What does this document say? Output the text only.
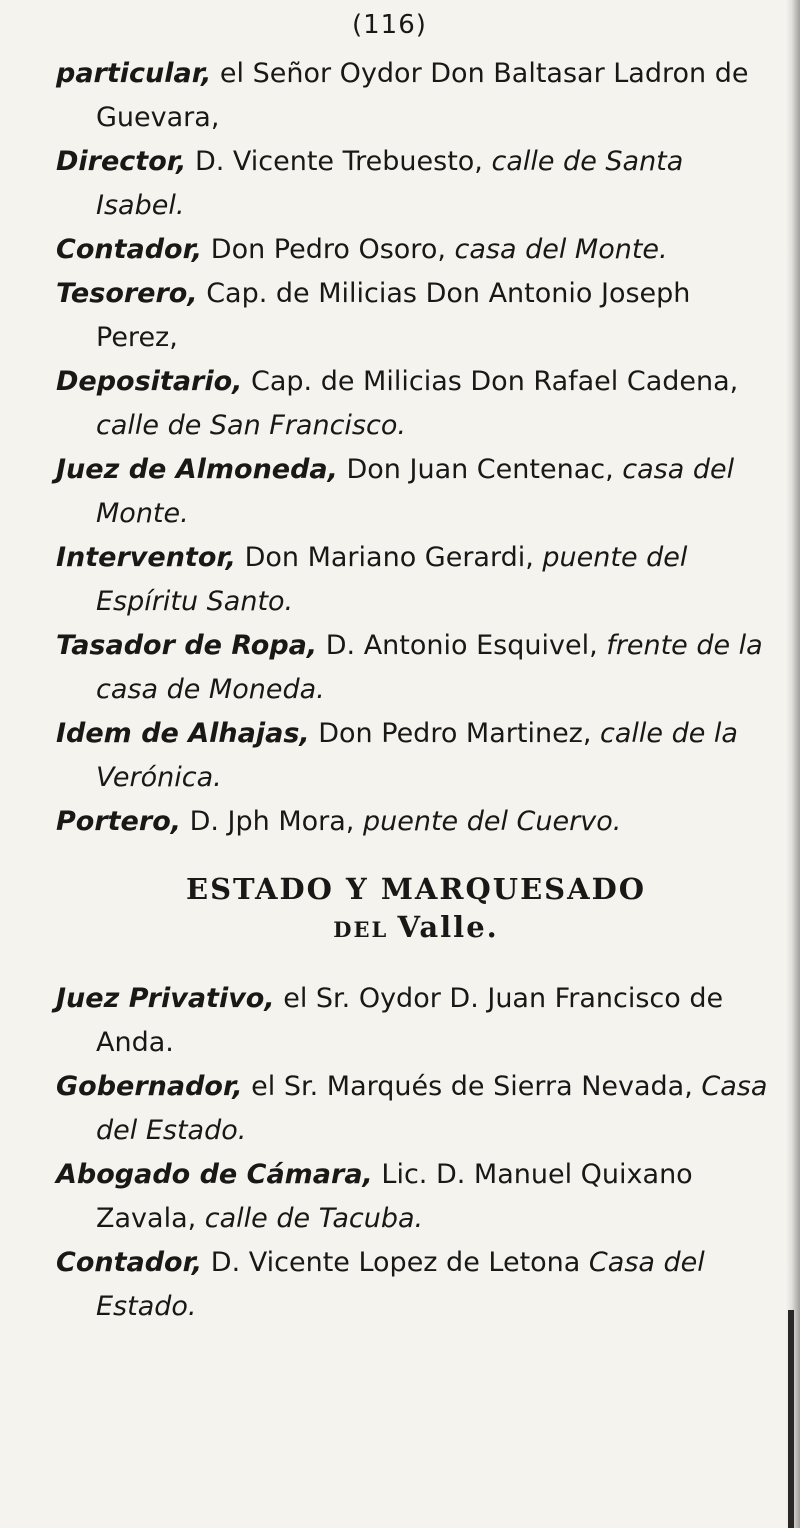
(116)

particular, el Señor Oydor Don Baltasar Ladron de Guevara,

Director, D. Vicente Trebuesto, calle de Santa Isabel.

Contador, Don Pedro Osoro, casa del Monte.

Tesorero, Cap. de Milicias Don Antonio Joseph Perez,

Depositario, Cap. de Milicias Don Rafael Cadena, calle de San Francisco.

Juez de Almoneda, Don Juan Centenac, casa del Monte.

Interventor, Don Mariano Gerardi, puente del Espíritu Santo.

Tasador de Ropa, D. Antonio Esquivel, frente de la casa de Moneda.

Idem de Alhajas, Don Pedro Martinez, calle de la Verónica.

Portero, D. Jph Mora, puente del Cuervo.

ESTADO Y MARQUESADO
DEL Valle.

Juez Privativo, el Sr. Oydor D. Juan Francisco de Anda.

Gobernador, el Sr. Marqués de Sierra Nevada, Casa del Estado.

Abogado de Cámara, Lic. D. Manuel Quixano Zavala, calle de Tacuba.

Contador, D. Vicente Lopez de Letona Casa del Estado.
